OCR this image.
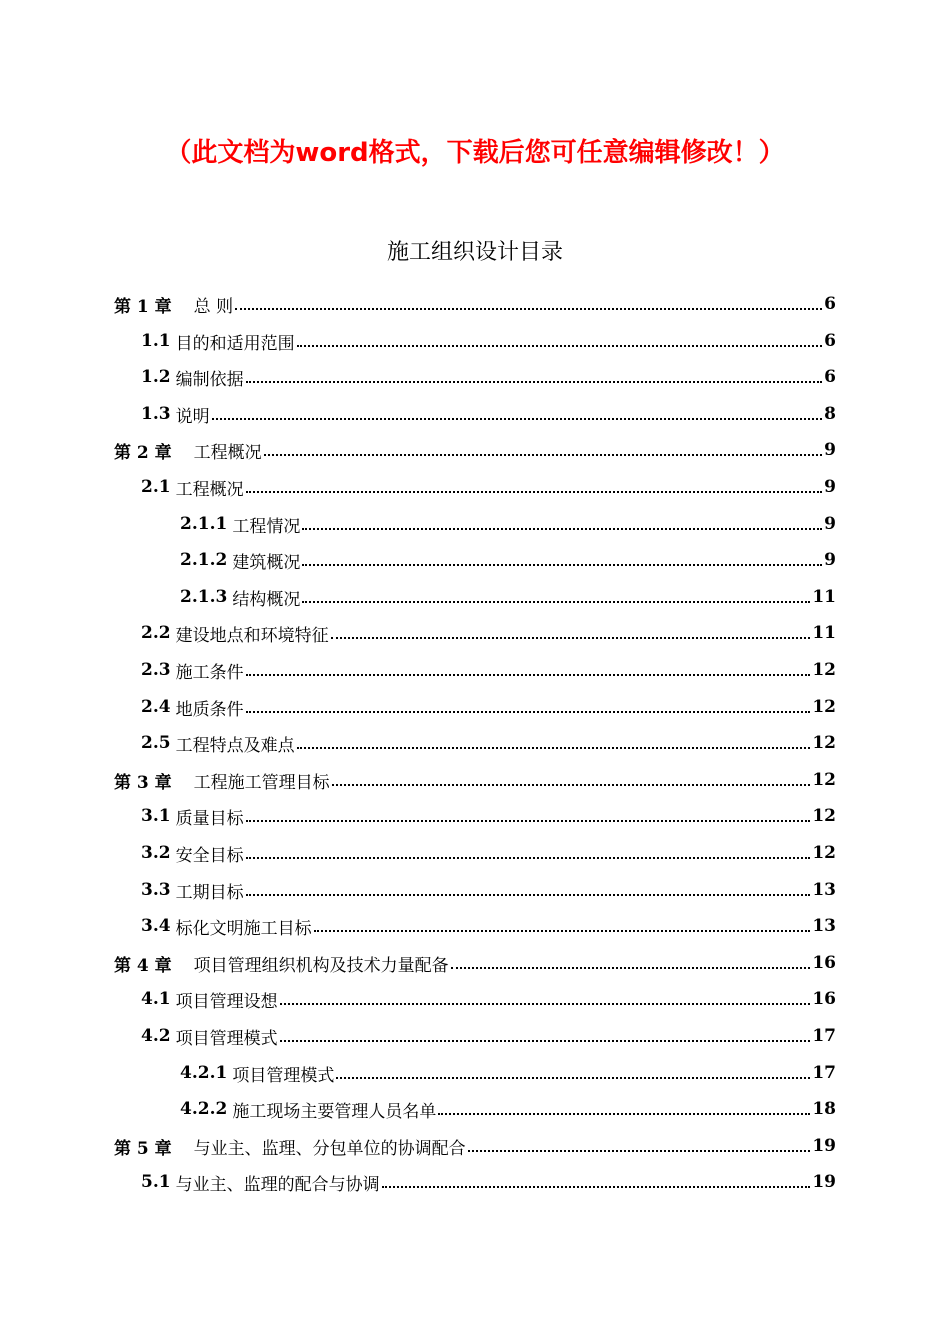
（此文档为word格式，下载后您可任意编辑修改！）
施工组织设计目录
第 1 章 总 则	6
1.1 目的和适用范围	6
1.2 编制依据	6
1.3 说明	8
第 2 章 工程概况	9
2.1 工程概况	9
2.1.1 工程情况	9
2.1.2 建筑概况	9
2.1.3 结构概况	11
2.2 建设地点和环境特征	11
2.3 施工条件	12
2.4 地质条件	12
2.5 工程特点及难点	12
第 3 章 工程施工管理目标	12
3.1 质量目标	12
3.2 安全目标	12
3.3 工期目标	13
3.4 标化文明施工目标	13
第 4 章 项目管理组织机构及技术力量配备	16
4.1 项目管理设想	16
4.2 项目管理模式	17
4.2.1 项目管理模式	17
4.2.2 施工现场主要管理人员名单	18
第 5 章 与业主、监理、分包单位的协调配合	19
5.1 与业主、监理的配合与协调	19
